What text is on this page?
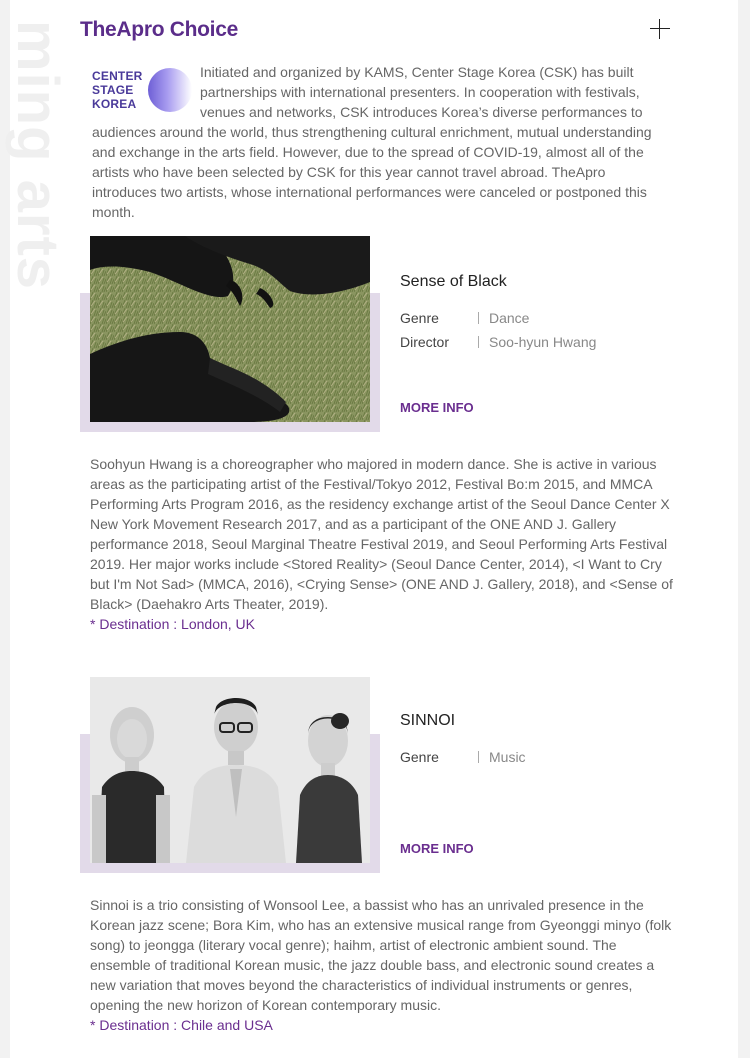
ming arts TheApro Choice
CENTER
STAGE
KOREA
Initiated and organized by KAMS, Center Stage Korea (CSK) has built partnerships with international presenters. In cooperation with festivals, venues and networks, CSK introduces Korea’s diverse performances to audiences around the world, thus strengthening cultural enrichment, mutual understanding and exchange in the arts field. However, due to the spread of COVID-19, almost all of the artists who have been selected by CSK for this year cannot travel abroad. TheApro introduces two artists, whose international performances were canceled or postponed this month.
Sense of Black
Genre	Dance
Director	Soo-hyun Hwang
MORE INFO

Soohyun Hwang is a choreographer who majored in modern dance. She is active in various areas as the participating artist of the Festival/Tokyo 2012, Festival Bo:m 2015, and MMCA Performing Arts Program 2016, as the residency exchange artist of the Seoul Dance Center X New York Movement Research 2017, and as a participant of the ONE AND J. Gallery performance 2018, Seoul Marginal Theatre Festival 2019, and Seoul Performing Arts Festival 2019. Her major works include <Stored Reality> (Seoul Dance Center, 2014), <I Want to Cry but I'm Not Sad> (MMCA, 2016), <Crying Sense> (ONE AND J. Gallery, 2018), and <Sense of Black> (Daehakro Arts Theater, 2019).
* Destination : London, UK

SINNOI
Genre	Music
MORE INFO

Sinnoi is a trio consisting of Wonsool Lee, a bassist who has an unrivaled presence in the Korean jazz scene; Bora Kim, who has an extensive musical range from Gyeonggi minyo (folk song) to jeongga (literary vocal genre); haihm, artist of electronic ambient sound. The ensemble of traditional Korean music, the jazz double bass, and electronic sound creates a new variation that moves beyond the characteristics of individual instruments or genres, opening the new horizon of Korean contemporary music.
* Destination : Chile and USA
